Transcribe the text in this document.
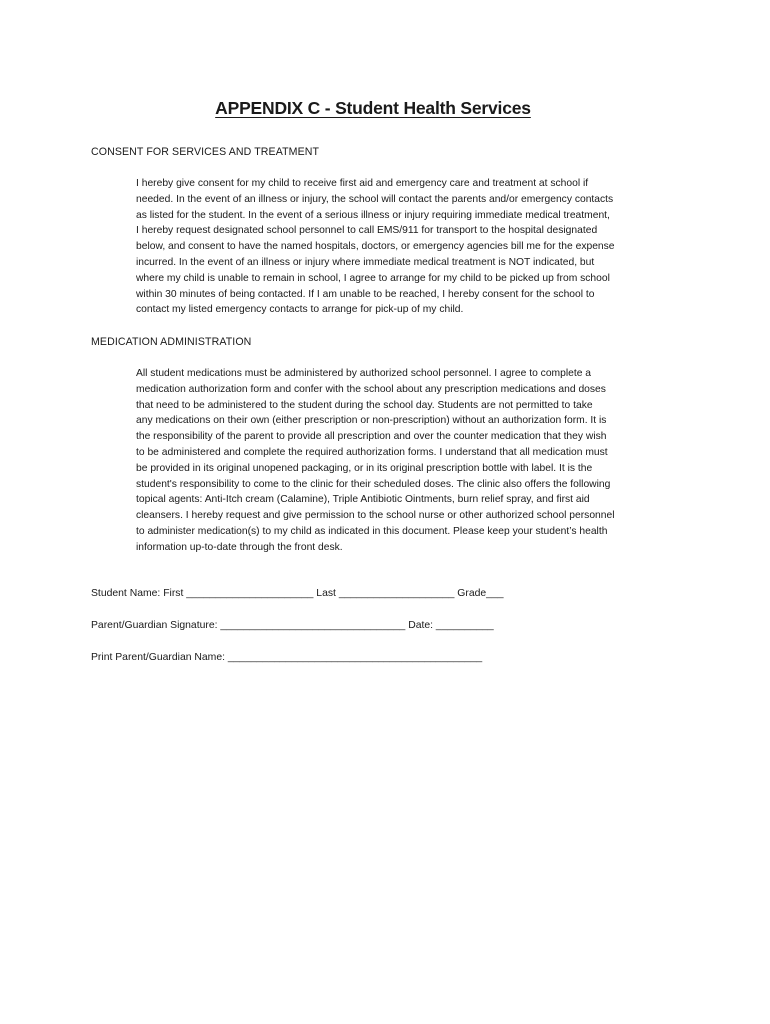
APPENDIX C - Student Health Services
CONSENT FOR SERVICES AND TREATMENT
I hereby give consent for my child to receive first aid and emergency care and treatment at school if
needed. In the event of an illness or injury, the school will contact the parents and/or emergency contacts
as listed for the student. In the event of a serious illness or injury requiring immediate medical treatment,
I hereby request designated school personnel to call EMS/911 for transport to the hospital designated
below, and consent to have the named hospitals, doctors, or emergency agencies bill me for the expense
incurred. In the event of an illness or injury where immediate medical treatment is NOT indicated, but
where my child is unable to remain in school, I agree to arrange for my child to be picked up from school
within 30 minutes of being contacted. If I am unable to be reached, I hereby consent for the school to
contact my listed emergency contacts to arrange for pick-up of my child.
MEDICATION ADMINISTRATION
All student medications must be administered by authorized school personnel. I agree to complete a
medication authorization form and confer with the school about any prescription medications and doses
that need to be administered to the student during the school day. Students are not permitted to take
any medications on their own (either prescription or non-prescription) without an authorization form. It is
the responsibility of the parent to provide all prescription and over the counter medication that they wish
to be administered and complete the required authorization forms. I understand that all medication must
be provided in its original unopened packaging, or in its original prescription bottle with label. It is the
student's responsibility to come to the clinic for their scheduled doses. The clinic also offers the following
topical agents: Anti-Itch cream (Calamine), Triple Antibiotic Ointments, burn relief spray, and first aid
cleansers. I hereby request and give permission to the school nurse or other authorized school personnel
to administer medication(s) to my child as indicated in this document. Please keep your student’s health
information up-to-date through the front desk.
Student Name: First ______________________ Last ____________________ Grade___
Parent/Guardian Signature: ________________________________ Date: __________
Print Parent/Guardian Name: ____________________________________________
